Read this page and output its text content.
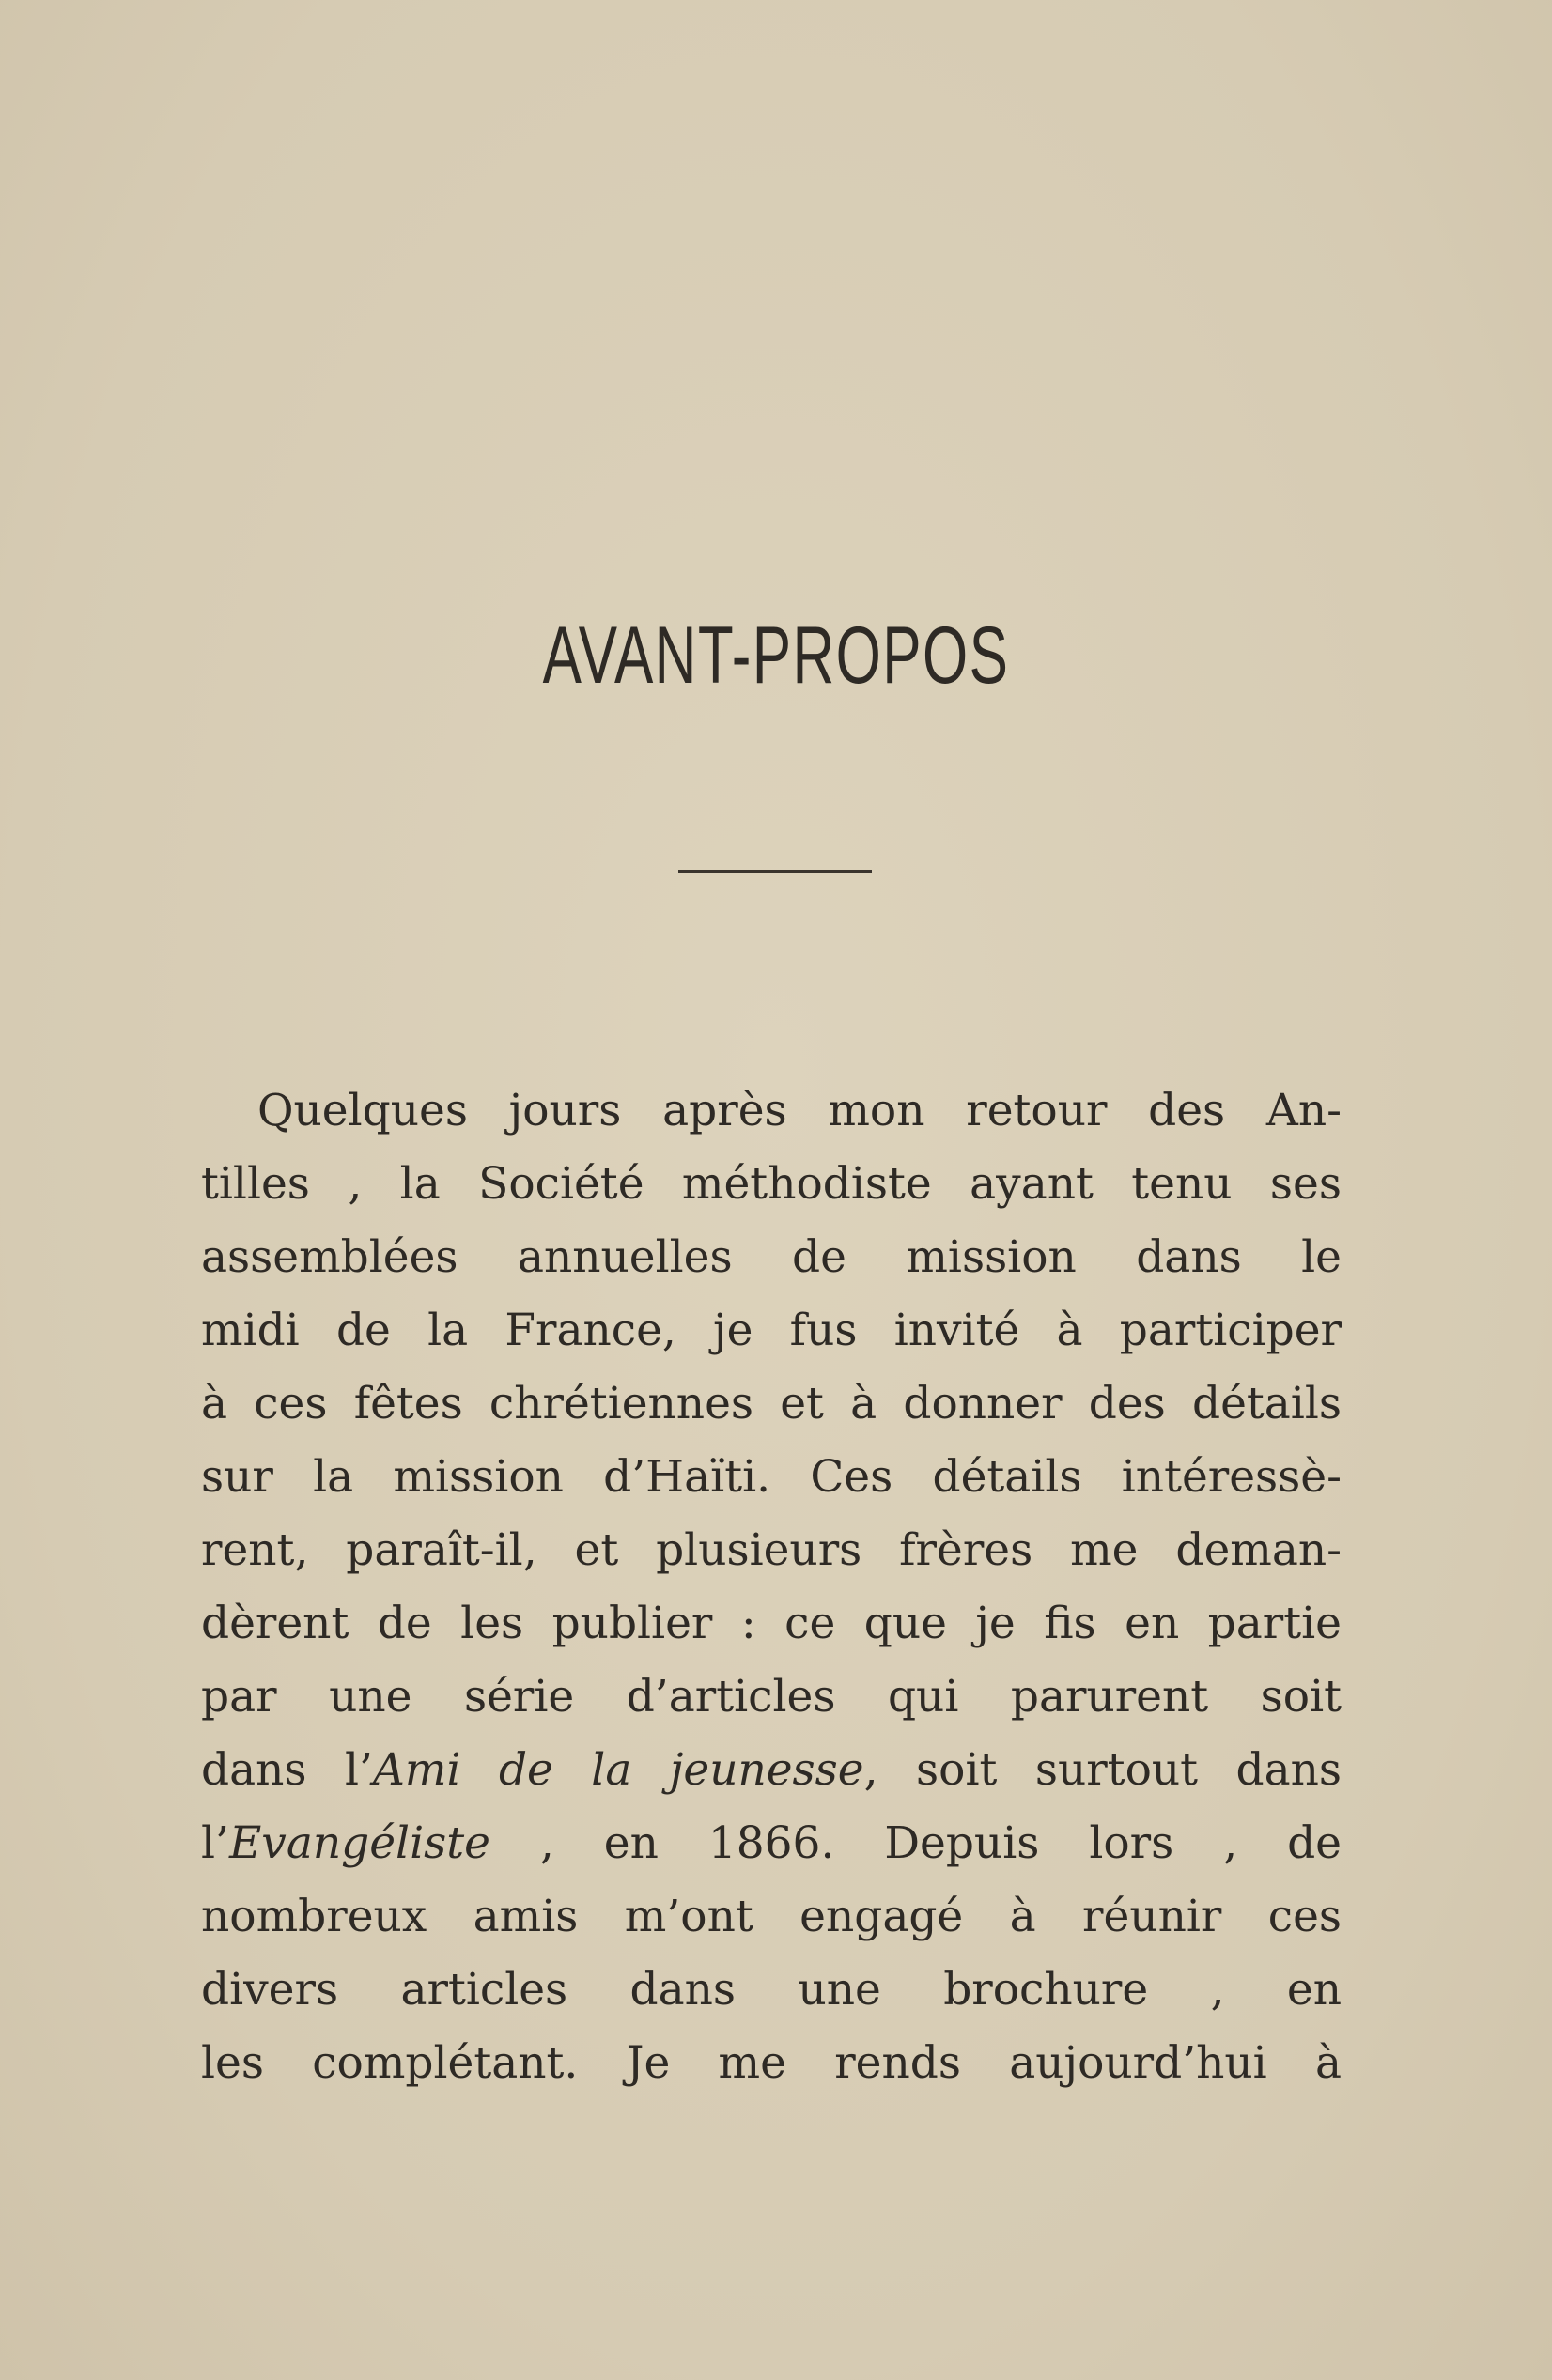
AVANT-PROPOS
Quelques jours après mon retour des An-
tilles , la Société méthodiste ayant tenu ses
assemblées annuelles de mission dans le
midi de la France, je fus invité à participer
à ces fêtes chrétiennes et à donner des détails
sur la mission d’Haïti. Ces détails intéressè-
rent, paraît-il, et plusieurs frères me deman-
dèrent de les publier : ce que je fis en partie
par une série d’articles qui parurent soit
dans l’Ami de la jeunesse, soit surtout dans
l’Evangéliste , en 1866. Depuis lors , de
nombreux amis m’ont engagé à réunir ces
divers articles dans une brochure , en
les complétant. Je me rends aujourd’hui à
